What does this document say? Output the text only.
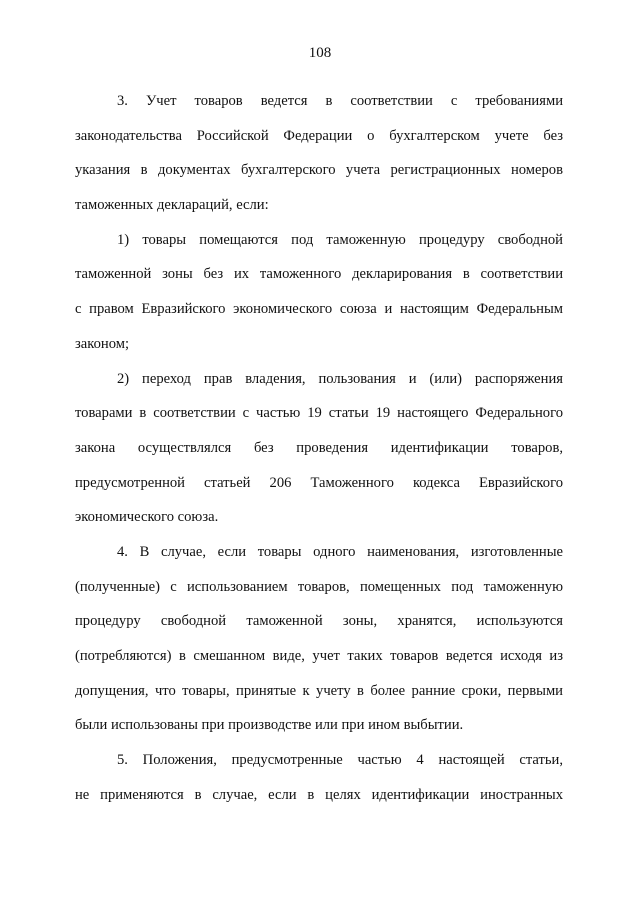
108
3. Учет товаров ведется в соответствии с требованиями
законодательства Российской Федерации о бухгалтерском учете без
указания в документах бухгалтерского учета регистрационных номеров
таможенных деклараций, если:
1) товары помещаются под таможенную процедуру свободной
таможенной зоны без их таможенного декларирования в соответствии
с правом Евразийского экономического союза и настоящим Федеральным
законом;
2) переход прав владения, пользования и (или) распоряжения
товарами в соответствии с частью 19 статьи 19 настоящего Федерального
закона осуществлялся без проведения идентификации товаров,
предусмотренной статьей 206 Таможенного кодекса Евразийского
экономического союза.
4. В случае, если товары одного наименования, изготовленные
(полученные) с использованием товаров, помещенных под таможенную
процедуру свободной таможенной зоны, хранятся, используются
(потребляются) в смешанном виде, учет таких товаров ведется исходя из
допущения, что товары, принятые к учету в более ранние сроки, первыми
были использованы при производстве или при ином выбытии.
5. Положения, предусмотренные частью 4 настоящей статьи,
не применяются в случае, если в целях идентификации иностранных
